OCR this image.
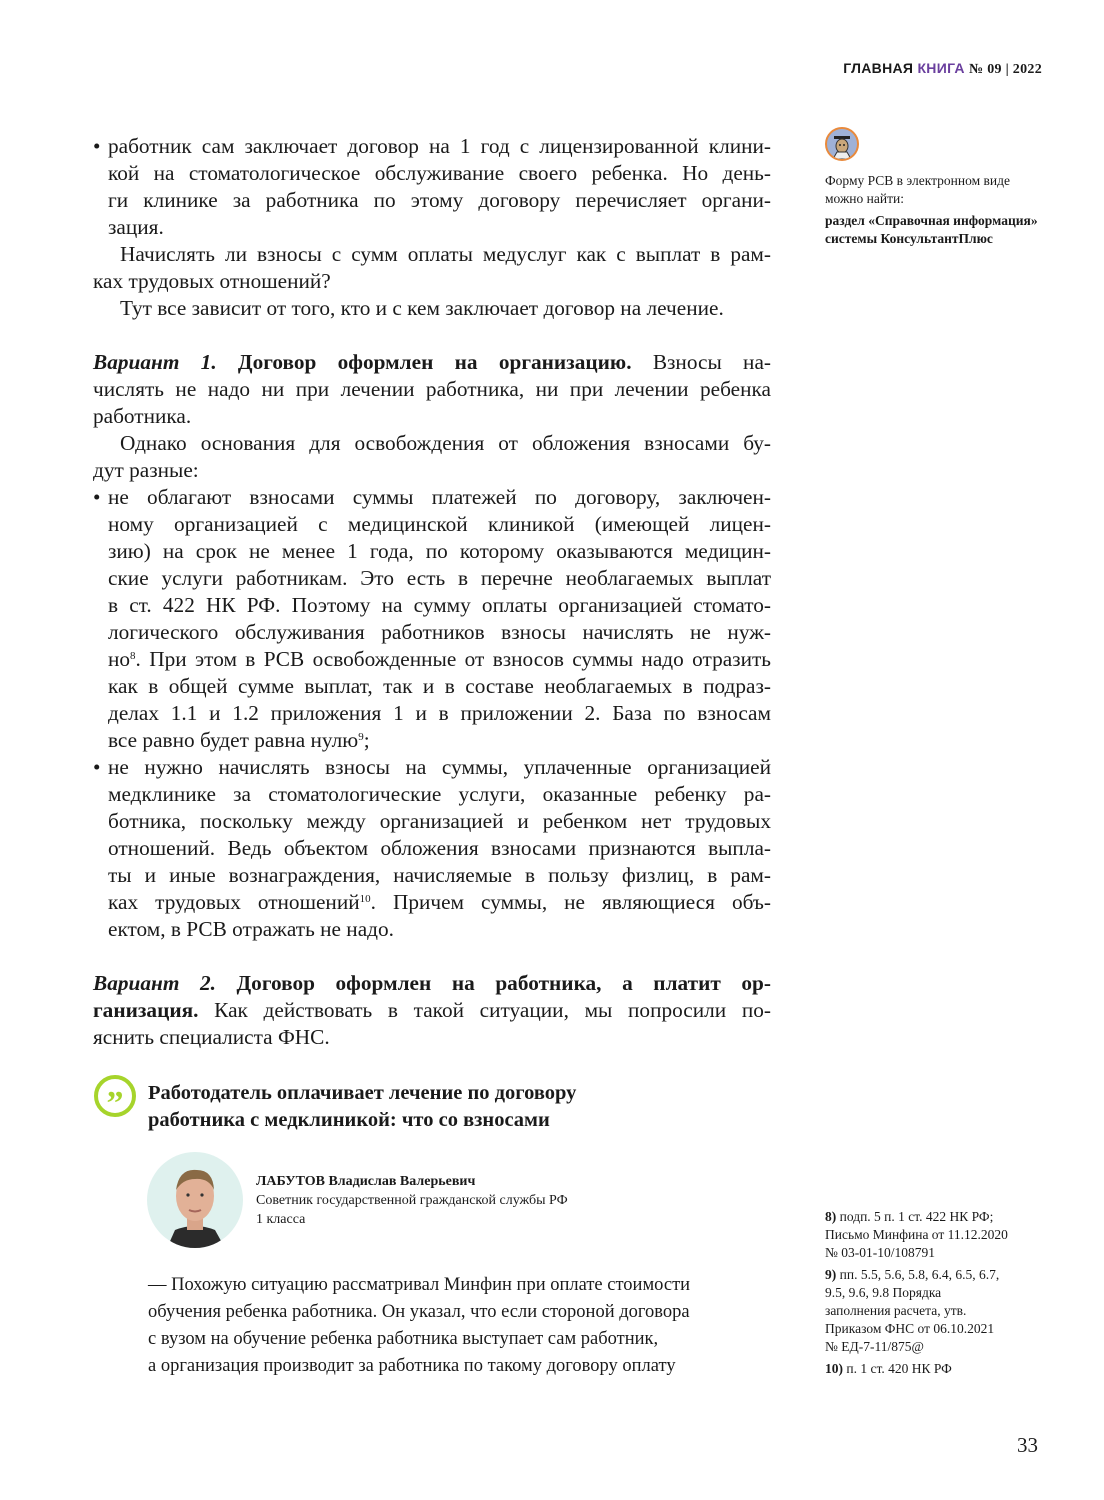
ГЛАВНАЯ КНИГА № 09 | 2022
• работник сам заключает договор на 1 год с лицензированной клини-
кой на стоматологическое обслуживание своего ребенка. Но день-
ги клинике за работника по этому договору перечисляет органи-
зация.
Начислять ли взносы с сумм оплаты медуслуг как с выплат в рам-
ках трудовых отношений?
Тут все зависит от того, кто и с кем заключает договор на лечение.
Вариант 1. Договор оформлен на организацию. Взносы на-
числять не надо ни при лечении работника, ни при лечении ребенка
работника.
Однако основания для освобождения от обложения взносами бу-
дут разные:
• не облагают взносами суммы платежей по договору, заключен-
ному организацией с медицинской клиникой (имеющей лицен-
зию) на срок не менее 1 года, по которому оказываются медицин-
ские услуги работникам. Это есть в перечне необлагаемых выплат
в ст. 422 НК РФ. Поэтому на сумму оплаты организацией стомато-
логического обслуживания работников взносы начислять не нуж-
$но^8$. При этом в РСВ освобожденные от взносов суммы надо отразить
как в общей сумме выплат, так и в составе необлагаемых в подраз-
делах 1.1 и 1.2 приложения 1 и в приложении 2. База по взносам
все равно будет равна нулю$^9$;
• не нужно начислять взносы на суммы, уплаченные организацией
медклинике за стоматологические услуги, оказанные ребенку ра-
ботника, поскольку между организацией и ребенком нет трудовых
отношений. Ведь объектом обложения взносами признаются выпла-
ты и иные вознаграждения, начисляемые в пользу физлиц, в рам-
ках трудовых отношений$^{10}$. Причем суммы, не являющиеся объ-
ектом, в РСВ отражать не надо.
Вариант 2. Договор оформлен на работника, а платит ор-
ганизация. Как действовать в такой ситуации, мы попросили по-
яснить специалиста ФНС.
Форму РСВ в электронном виде можно найти:
раздел «Справочная информация» системы КонсультантПлюс
”	Работодатель оплачивает лечение по договору
работника с медклиникой: что со взносами
ЛАБУТОВ Владислав Валерьевич
Советник государственной гражданской службы РФ
1 класса
— Похожую ситуацию рассматривал Минфин при оплате стоимости
обучения ребенка работника. Он указал, что если стороной договора
с вузом на обучение ребенка работника выступает сам работник,
а организация производит за работника по такому договору оплату
8) подп. 5 п. 1 ст. 422 НК РФ;
Письмо Минфина от 11.12.2020
№ 03-01-10/108791
9) пп. 5.5, 5.6, 5.8, 6.4, 6.5, 6.7,
9.5, 9.6, 9.8 Порядка
заполнения расчета, утв.
Приказом ФНС от 06.10.2021
№ ЕД-7-11/875@
10) п. 1 ст. 420 НК РФ
33
